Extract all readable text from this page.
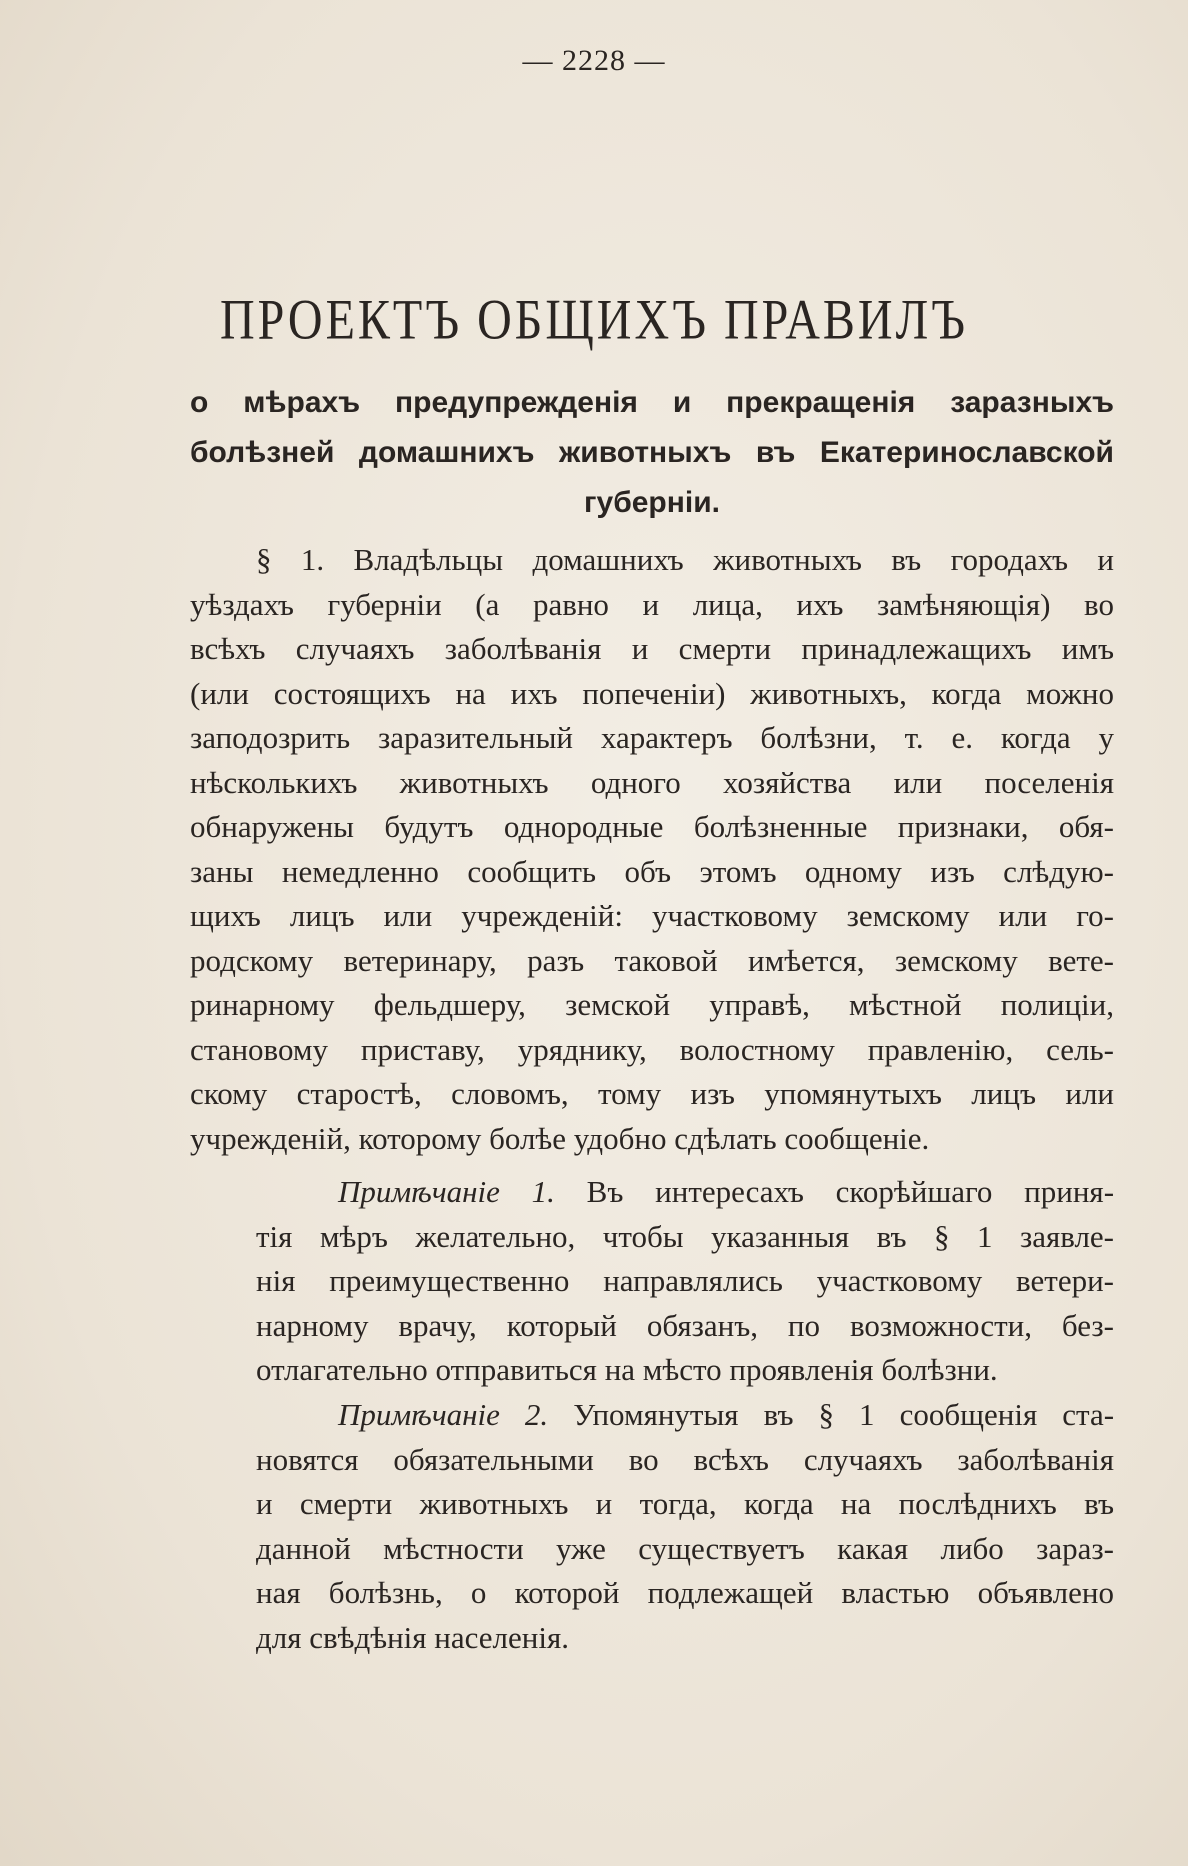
— 2228 —
ПРОЕКТЪ ОБЩИХЪ ПРАВИЛЪ
о мѣрахъ предупрежденія и прекращенія заразныхъ
болѣзней домашнихъ животныхъ въ Екатеринославской
губерніи.
§ 1. Владѣльцы домашнихъ животныхъ въ городахъ и
уѣздахъ губерніи (а равно и лица, ихъ замѣняющія) во
всѣхъ случаяхъ заболѣванія и смерти принадлежащихъ имъ
(или состоящихъ на ихъ попеченіи) животныхъ, когда можно
заподозрить заразительный характеръ болѣзни, т. е. когда у
нѣсколькихъ животныхъ одного хозяйства или поселенія
обнаружены будутъ однородные болѣзненные признаки, обя-
заны немедленно сообщить объ этомъ одному изъ слѣдую-
щихъ лицъ или учрежденій: участковому земскому или го-
родскому ветеринару, разъ таковой имѣется, земскому вете-
ринарному фельдшеру, земской управѣ, мѣстной полиціи,
становому приставу, уряднику, волостному правленію, сель-
скому старостѣ, словомъ, тому изъ упомянутыхъ лицъ или
учрежденій, которому болѣе удобно сдѣлать сообщеніе.
Примѣчаніе 1. Въ интересахъ скорѣйшаго приня-
тія мѣръ желательно, чтобы указанныя въ § 1 заявле-
нія преимущественно направлялись участковому ветери-
нарному врачу, который обязанъ, по возможности, без-
отлагательно отправиться на мѣсто проявленія болѣзни.
Примѣчаніе 2. Упомянутыя въ § 1 сообщенія ста-
новятся обязательными во всѣхъ случаяхъ заболѣванія
и смерти животныхъ и тогда, когда на послѣднихъ въ
данной мѣстности уже существуетъ какая либо зараз-
ная болѣзнь, о которой подлежащей властью объявлено
для свѣдѣнія населенія.
